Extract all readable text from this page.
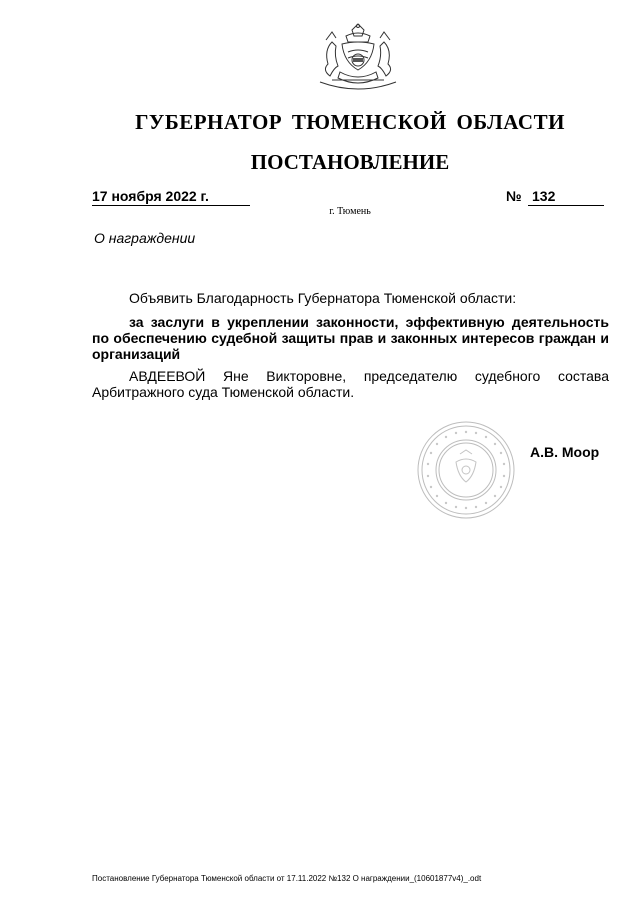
ГУБЕРНАТОР ТЮМЕНСКОЙ ОБЛАСТИ
ПОСТАНОВЛЕНИЕ
17 ноября 2022 г.	№ 132
г. Тюмень
О награждении
Объявить Благодарность Губернатора Тюменской области:
за заслуги в укреплении законности, эффективную деятельность по обеспечению судебной защиты прав и законных интересов граждан и организаций
АВДЕЕВОЙ Яне Викторовне, председателю судебного состава Арбитражного суда Тюменской области.
А.В. Моор
Постановление Губернатора Тюменской области от 17.11.2022 №132 О награждении_(10601877v4)_.odt
